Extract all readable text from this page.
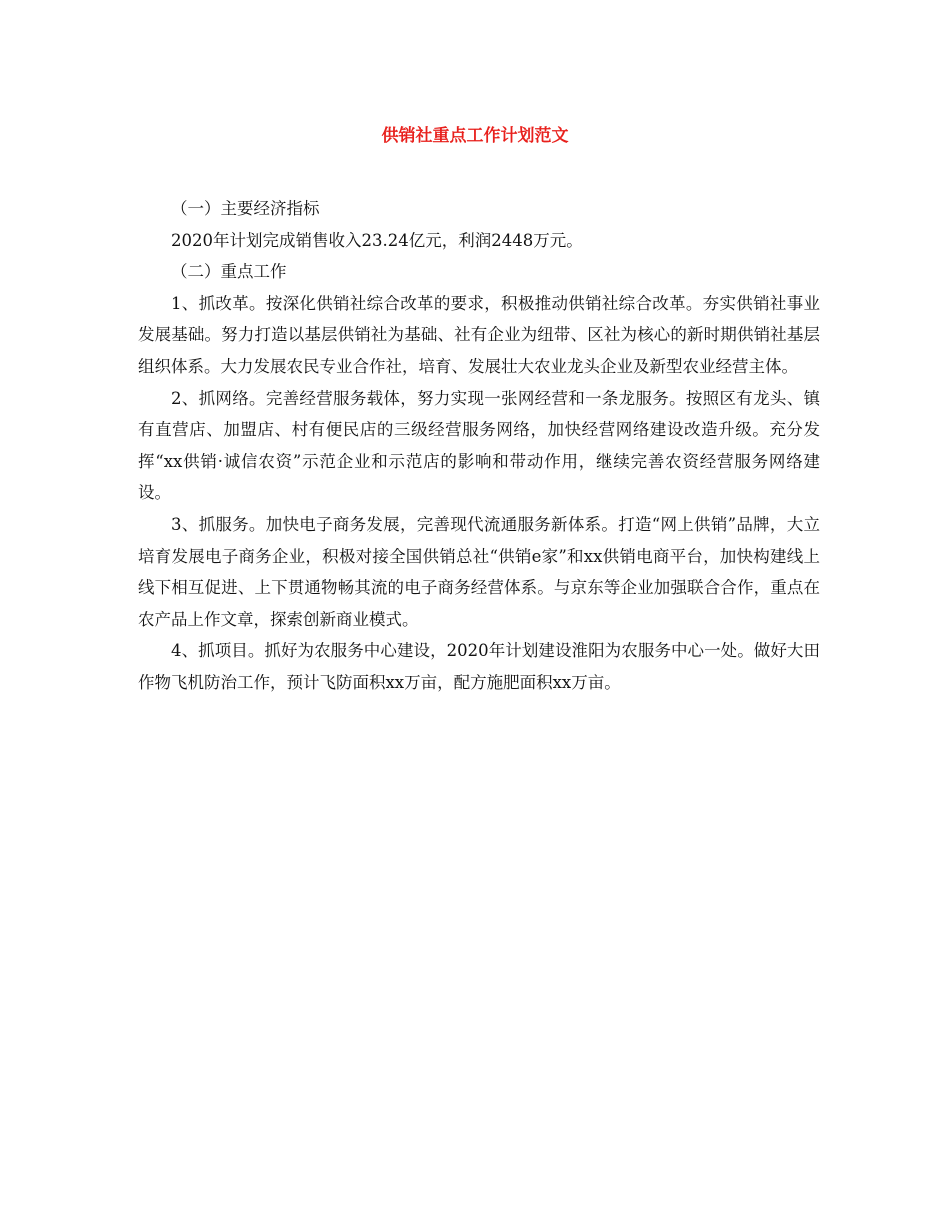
供销社重点工作计划范文

（一）主要经济指标

2020年计划完成销售收入23.24亿元，利润2448万元。

（二）重点工作

1、抓改革。按深化供销社综合改革的要求，积极推动供销社综合改革。夯实供销社事业发展基础。努力打造以基层供销社为基础、社有企业为纽带、区社为核心的新时期供销社基层组织体系。大力发展农民专业合作社，培育、发展壮大农业龙头企业及新型农业经营主体。

2、抓网络。完善经营服务载体，努力实现一张网经营和一条龙服务。按照区有龙头、镇有直营店、加盟店、村有便民店的三级经营服务网络，加快经营网络建设改造升级。充分发挥“xx供销·诚信农资”示范企业和示范店的影响和带动作用，继续完善农资经营服务网络建设。

3、抓服务。加快电子商务发展，完善现代流通服务新体系。打造“网上供销”品牌，大立培育发展电子商务企业，积极对接全国供销总社“供销e家”和xx供销电商平台，加快构建线上线下相互促进、上下贯通物畅其流的电子商务经营体系。与京东等企业加强联合合作，重点在农产品上作文章，探索创新商业模式。

4、抓项目。抓好为农服务中心建设，2020年计划建设淮阳为农服务中心一处。做好大田作物飞机防治工作，预计飞防面积xx万亩，配方施肥面积xx万亩。
